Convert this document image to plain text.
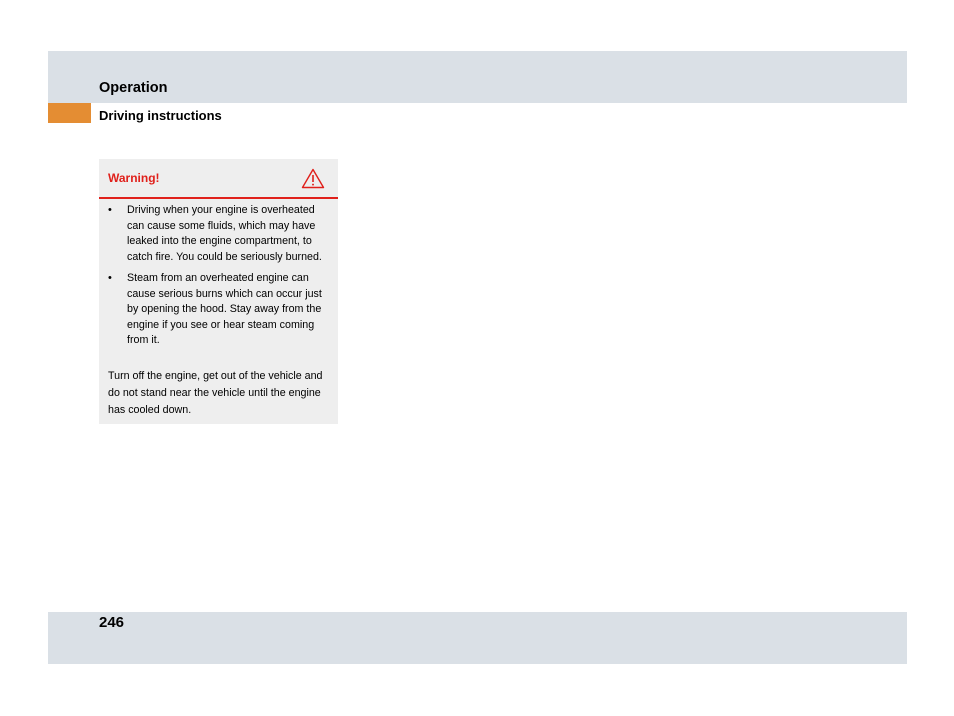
Operation
Driving instructions
Warning!
• Driving when your engine is overheated can cause some fluids, which may have leaked into the engine compartment, to catch fire. You could be seriously burned.
• Steam from an overheated engine can cause serious burns which can occur just by opening the hood. Stay away from the engine if you see or hear steam coming from it.
Turn off the engine, get out of the vehicle and do not stand near the vehicle until the engine has cooled down.
246
